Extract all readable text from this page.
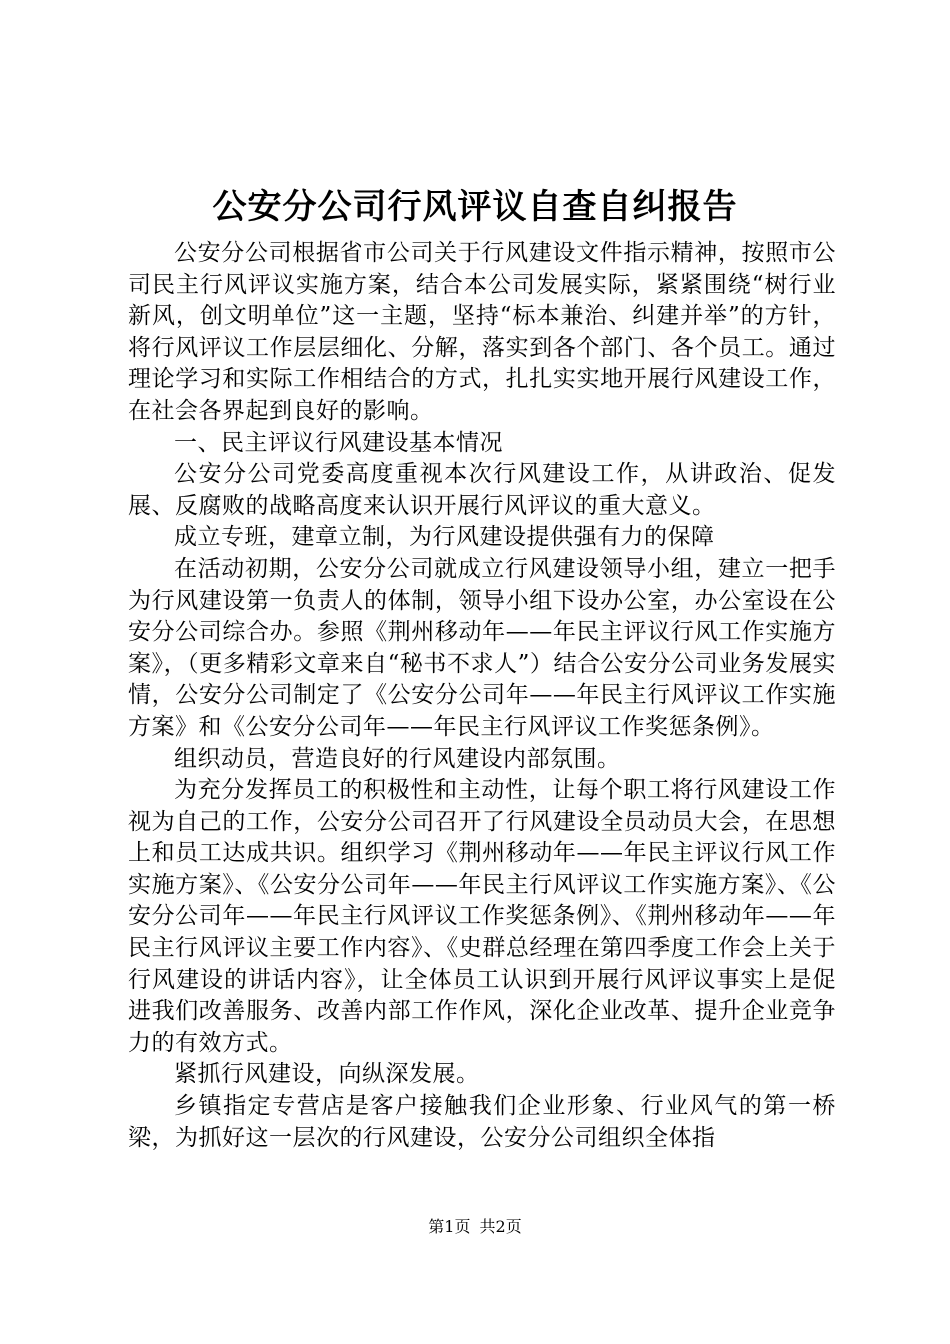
公安分公司行风评议自查自纠报告

公安分公司根据省市公司关于行风建设文件指示精神，按照市公司民主行风评议实施方案，结合本公司发展实际，紧紧围绕“树行业新风，创文明单位”这一主题，坚持“标本兼治、纠建并举”的方针，将行风评议工作层层细化、分解，落实到各个部门、各个员工。通过理论学习和实际工作相结合的方式，扎扎实实地开展行风建设工作，在社会各界起到良好的影响。

一、民主评议行风建设基本情况

公安分公司党委高度重视本次行风建设工作，从讲政治、促发展、反腐败的战略高度来认识开展行风评议的重大意义。

成立专班，建章立制，为行风建设提供强有力的保障

在活动初期，公安分公司就成立行风建设领导小组，建立一把手为行风建设第一负责人的体制，领导小组下设办公室，办公室设在公安分公司综合办。参照《荆州移动年——年民主评议行风工作实施方案》，（更多精彩文章来自“秘书不求人”）结合公安分公司业务发展实情，公安分公司制定了《公安分公司年——年民主行风评议工作实施方案》和《公安分公司年——年民主行风评议工作奖惩条例》。

组织动员，营造良好的行风建设内部氛围。

为充分发挥员工的积极性和主动性，让每个职工将行风建设工作视为自己的工作，公安分公司召开了行风建设全员动员大会，在思想上和员工达成共识。组织学习《荆州移动年——年民主评议行风工作实施方案》、《公安分公司年——年民主行风评议工作实施方案》、《公安分公司年——年民主行风评议工作奖惩条例》、《荆州移动年——年民主行风评议主要工作内容》、《史群总经理在第四季度工作会上关于行风建设的讲话内容》，让全体员工认识到开展行风评议事实上是促进我们改善服务、改善内部工作作风，深化企业改革、提升企业竞争力的有效方式。

紧抓行风建设，向纵深发展。

乡镇指定专营店是客户接触我们企业形象、行业风气的第一桥梁，为抓好这一层次的行风建设，公安分公司组织全体指

第1页 共2页
